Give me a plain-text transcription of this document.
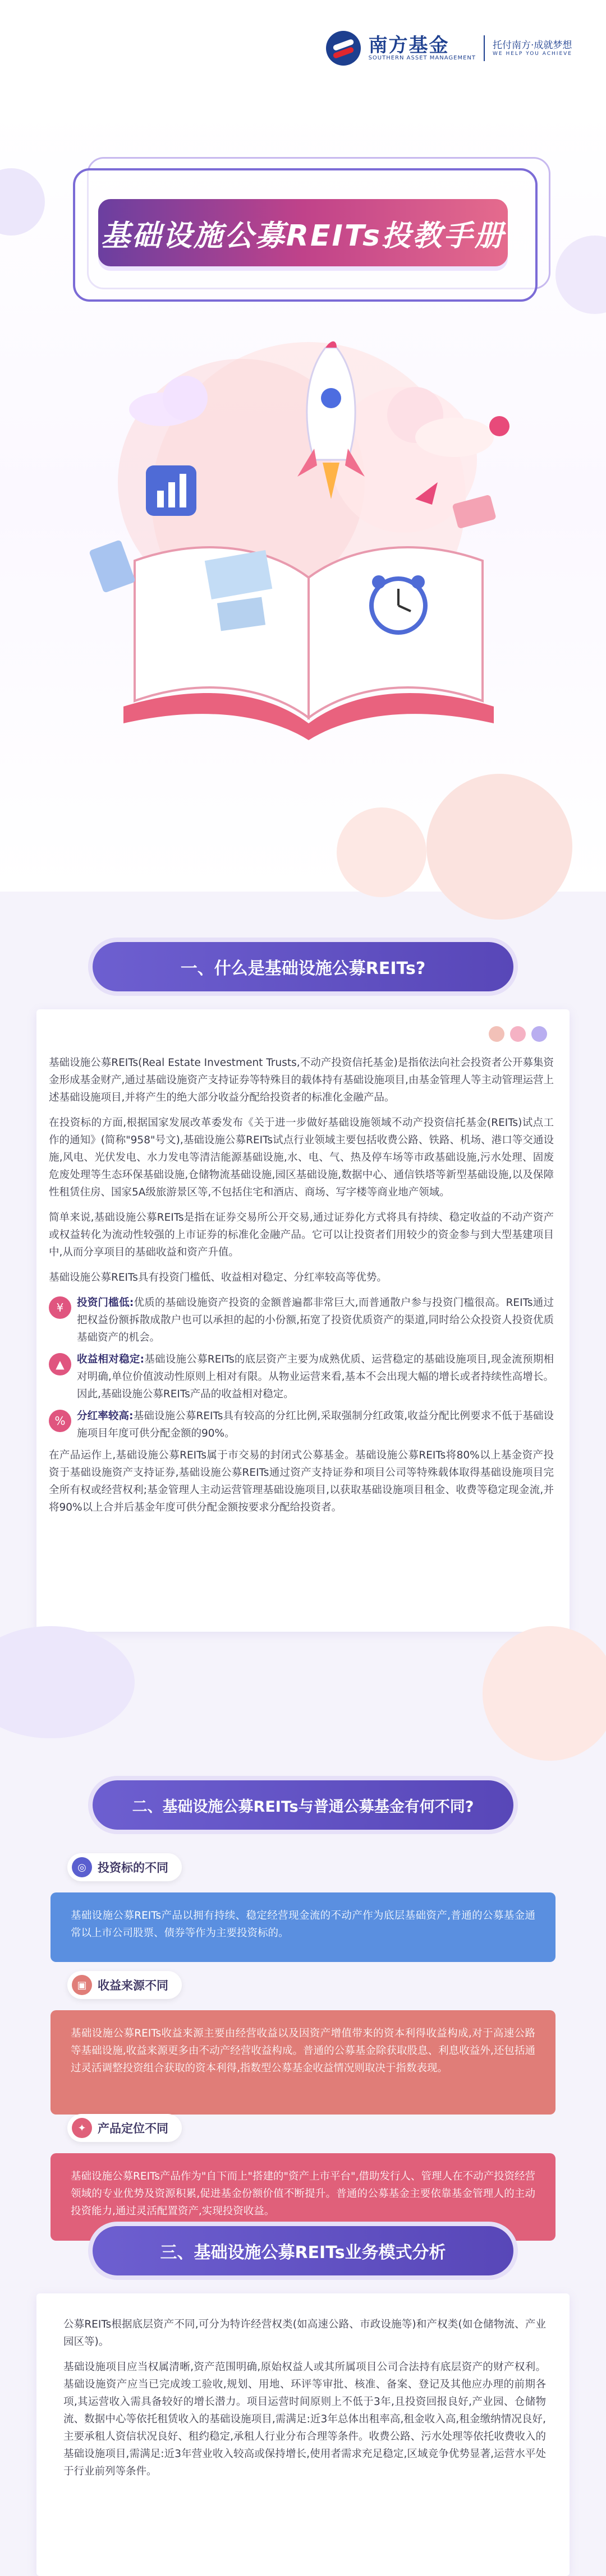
南方基金
SOUTHERN ASSET MANAGEMENT
托付南方·成就梦想
WE HELP YOU ACHIEVE
基础设施公募REITs投教手册
一、什么是基础设施公募REITs?

基础设施公募REITs(Real Estate Investment Trusts,不动产投资信托基金)是指依法向社会投资者公开募集资金形成基金财产,通过基础设施资产支持证券等特殊目的载体持有基础设施项目,由基金管理人等主动管理运营上述基础设施项目,并将产生的绝大部分收益分配给投资者的标准化金融产品。

在投资标的方面,根据国家发展改革委发布《关于进一步做好基础设施领域不动产投资信托基金(REITs)试点工作的通知》(简称"958"号文),基础设施公募REITs试点行业领域主要包括收费公路、铁路、机场、港口等交通设施,风电、光伏发电、水力发电等清洁能源基础设施,水、电、气、热及停车场等市政基础设施,污水处理、固废危废处理等生态环保基础设施,仓储物流基础设施,园区基础设施,数据中心、通信铁塔等新型基础设施,以及保障性租赁住房、国家5A级旅游景区等,不包括住宅和酒店、商场、写字楼等商业地产领域。

简单来说,基础设施公募REITs是指在证券交易所公开交易,通过证券化方式将具有持续、稳定收益的不动产资产或权益转化为流动性较强的上市证券的标准化金融产品。它可以让投资者们用较少的资金参与到大型基建项目中,从而分享项目的基础收益和资产升值。

基础设施公募REITs具有投资门槛低、收益相对稳定、分红率较高等优势。

¥	投资门槛低:优质的基础设施资产投资的金额普遍都非常巨大,而普通散户参与投资门槛很高。REITs通过把权益份额拆散成散户也可以承担的起的小份额,拓宽了投资优质资产的渠道,同时给公众投资人投资优质基础资产的机会。
▲	收益相对稳定:基础设施公募REITs的底层资产主要为成熟优质、运营稳定的基础设施项目,现金流预期相对明确,单位价值波动性原则上相对有限。从物业运营来看,基本不会出现大幅的增长或者持续性高增长。因此,基础设施公募REITs产品的收益相对稳定。
%	分红率较高:基础设施公募REITs具有较高的分红比例,采取强制分红政策,收益分配比例要求不低于基础设施项目年度可供分配金额的90%。

在产品运作上,基础设施公募REITs属于市交易的封闭式公募基金。基础设施公募REITs将80%以上基金资产投资于基础设施资产支持证券,基础设施公募REITs通过资产支持证券和项目公司等特殊载体取得基础设施项目完全所有权或经营权利;基金管理人主动运营管理基础设施项目,以获取基础设施项目租金、收费等稳定现金流,并将90%以上合并后基金年度可供分配金额按要求分配给投资者。

二、基础设施公募REITs与普通公募基金有何不同?
◎ 投资标的不同
基础设施公募REITs产品以拥有持续、稳定经营现金流的不动产作为底层基础资产,普通的公募基金通常以上市公司股票、债券等作为主要投资标的。
▣ 收益来源不同
基础设施公募REITs收益来源主要由经营收益以及因资产增值带来的资本利得收益构成,对于高速公路等基础设施,收益来源更多由不动产经营收益构成。普通的公募基金除获取股息、利息收益外,还包括通过灵活调整投资组合获取的资本利得,指数型公募基金收益情况则取决于指数表现。
✦ 产品定位不同
基础设施公募REITs产品作为"自下而上"搭建的"资产上市平台",借助发行人、管理人在不动产投资经营领域的专业优势及资源积累,促进基金份额价值不断提升。普通的公募基金主要依靠基金管理人的主动投资能力,通过灵活配置资产,实现投资收益。
三、基础设施公募REITs业务模式分析

公募REITs根据底层资产不同,可分为特许经营权类(如高速公路、市政设施等)和产权类(如仓储物流、产业园区等)。

基础设施项目应当权属清晰,资产范围明确,原始权益人或其所属项目公司合法持有底层资产的财产权利。基础设施资产应当已完成竣工验收,规划、用地、环评等审批、核准、备案、登记及其他应办理的前期各项,其运营收入需具备较好的增长潜力。项目运营时间原则上不低于3年,且投资回报良好,产业园、仓储物流、数据中心等依托租赁收入的基础设施项目,需满足:近3年总体出租率高,租金收入高,租金缴纳情况良好,主要承租人资信状况良好、租约稳定,承租人行业分布合理等条件。收费公路、污水处理等依托收费收入的基础设施项目,需满足:近3年营业收入较高或保持增长,使用者需求充足稳定,区域竞争优势显著,运营水平处于行业前列等条件。
